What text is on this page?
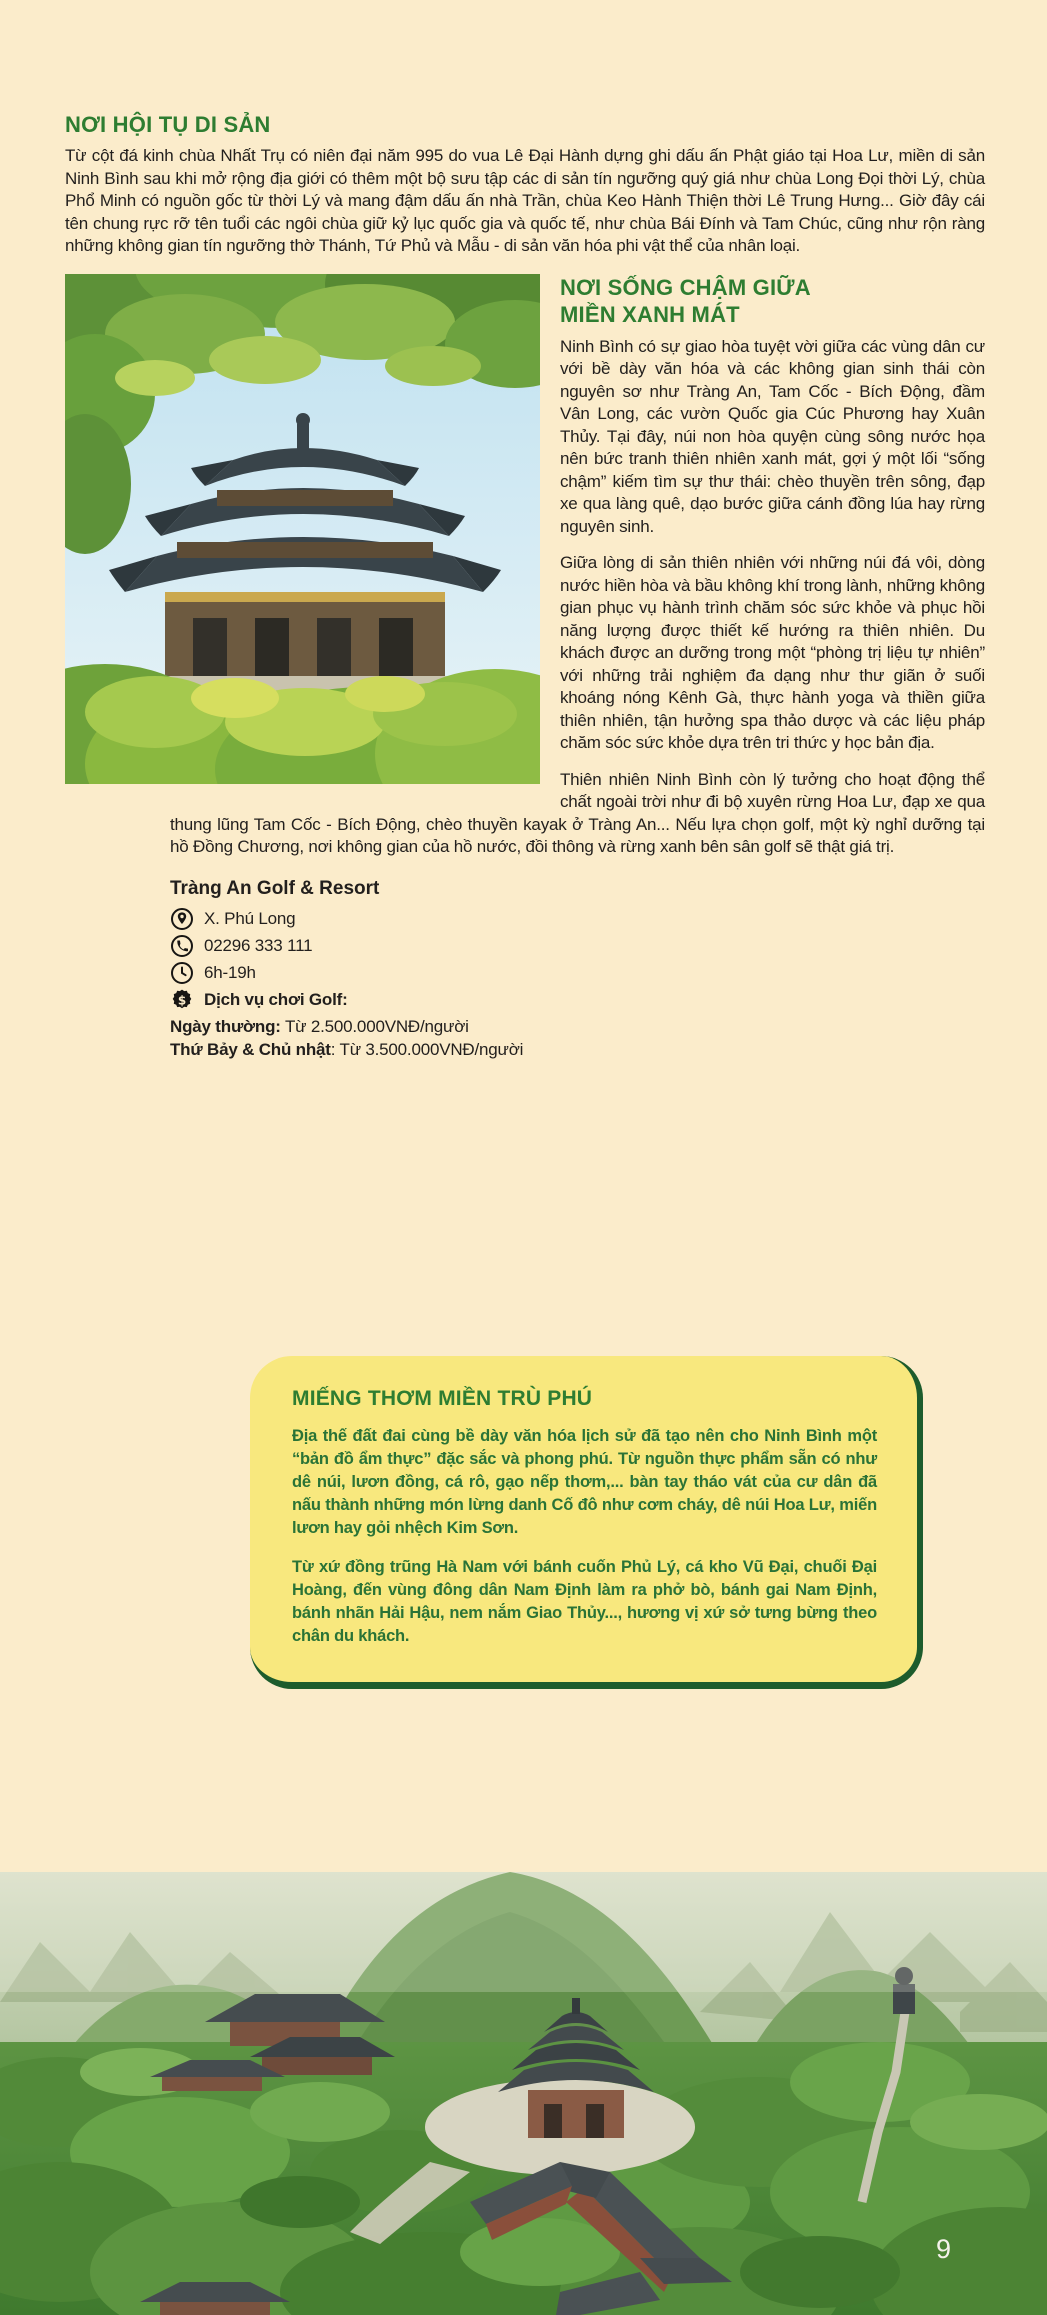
NƠI HỘI TỤ DI SẢN

Từ cột đá kinh chùa Nhất Trụ có niên đại năm 995 do vua Lê Đại Hành dựng ghi dấu ấn Phật giáo tại Hoa Lư, miền di sản Ninh Bình sau khi mở rộng địa giới có thêm một bộ sưu tập các di sản tín ngưỡng quý giá như chùa Long Đọi thời Lý, chùa Phổ Minh có nguồn gốc từ thời Lý và mang đậm dấu ấn nhà Trần, chùa Keo Hành Thiện thời Lê Trung Hưng... Giờ đây cái tên chung rực rỡ tên tuổi các ngôi chùa giữ kỷ lục quốc gia và quốc tế, như chùa Bái Đính và Tam Chúc, cũng như rộn ràng những không gian tín ngưỡng thờ Thánh, Tứ Phủ và Mẫu - di sản văn hóa phi vật thể của nhân loại.

NƠI SỐNG CHẬM GIỮA
MIỀN XANH MÁT

Ninh Bình có sự giao hòa tuyệt vời giữa các vùng dân cư với bề dày văn hóa và các không gian sinh thái còn nguyên sơ như Tràng An, Tam Cốc - Bích Động, đầm Vân Long, các vườn Quốc gia Cúc Phương hay Xuân Thủy. Tại đây, núi non hòa quyện cùng sông nước họa nên bức tranh thiên nhiên xanh mát, gợi ý một lối “sống chậm” kiếm tìm sự thư thái: chèo thuyền trên sông, đạp xe qua làng quê, dạo bước giữa cánh đồng lúa hay rừng nguyên sinh.

Giữa lòng di sản thiên nhiên với những núi đá vôi, dòng nước hiền hòa và bầu không khí trong lành, những không gian phục vụ hành trình chăm sóc sức khỏe và phục hồi năng lượng được thiết kế hướng ra thiên nhiên. Du khách được an dưỡng trong một “phòng trị liệu tự nhiên” với những trải nghiệm đa dạng như thư giãn ở suối khoáng nóng Kênh Gà, thực hành yoga và thiền giữa thiên nhiên, tận hưởng spa thảo dược và các liệu pháp chăm sóc sức khỏe dựa trên tri thức y học bản địa.

Thiên nhiên Ninh Bình còn lý tưởng cho hoạt động thể chất ngoài trời như đi bộ xuyên rừng Hoa Lư, đạp xe qua thung lũng Tam Cốc - Bích Động, chèo thuyền kayak ở Tràng An... Nếu lựa chọn golf, một kỳ nghỉ dưỡng tại hồ Đồng Chương, nơi không gian của hồ nước, đồi thông và rừng xanh bên sân golf sẽ thật giá trị.

Tràng An Golf & Resort
X. Phú Long
02296 333 111
6h-19h
$ Dịch vụ chơi Golf:
Ngày thường: Từ 2.500.000VNĐ/người
Thứ Bảy & Chủ nhật: Từ 3.500.000VNĐ/người
MIẾNG THƠM MIỀN TRÙ PHÚ

Địa thế đất đai cùng bề dày văn hóa lịch sử đã tạo nên cho Ninh Bình một “bản đồ ẩm thực” đặc sắc và phong phú. Từ nguồn thực phẩm sẵn có như dê núi, lươn đồng, cá rô, gạo nếp thơm,... bàn tay tháo vát của cư dân đã nấu thành những món lừng danh Cố đô như cơm cháy, dê núi Hoa Lư, miến lươn hay gỏi nhệch Kim Sơn.

Từ xứ đồng trũng Hà Nam với bánh cuốn Phủ Lý, cá kho Vũ Đại, chuối Đại Hoàng, đến vùng đông dân Nam Định làm ra phở bò, bánh gai Nam Định, bánh nhãn Hải Hậu, nem nắm Giao Thủy..., hương vị xứ sở tưng bừng theo chân du khách.

9
